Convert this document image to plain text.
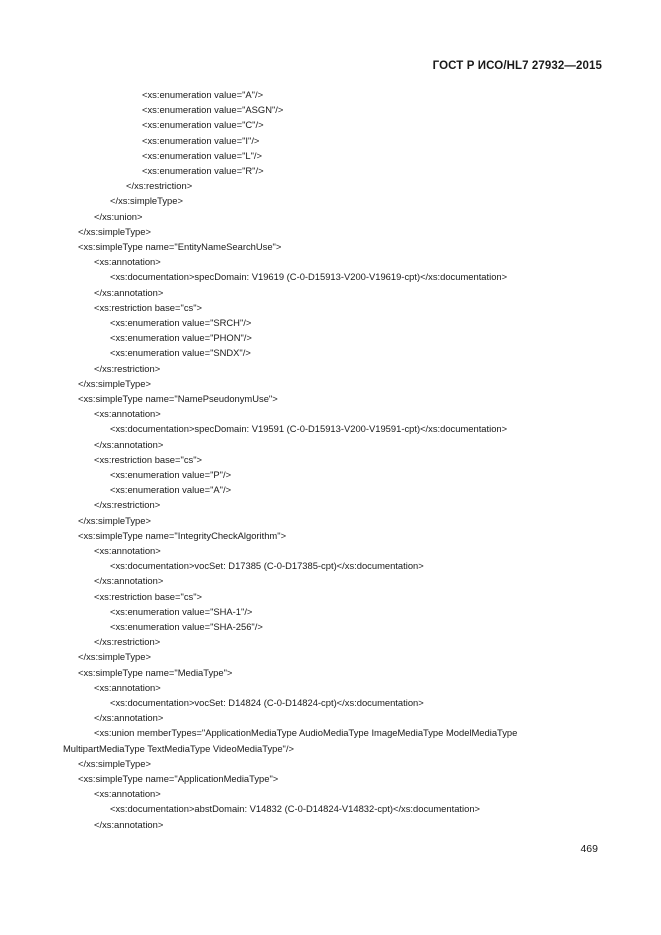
ГОСТ Р ИСО/HL7 27932—2015
<xs:enumeration value="A"/>
<xs:enumeration value="ASGN"/>
<xs:enumeration value="C"/>
<xs:enumeration value="I"/>
<xs:enumeration value="L"/>
<xs:enumeration value="R"/>
</xs:restriction>
</xs:simpleType>
</xs:union>
</xs:simpleType>
<xs:simpleType name="EntityNameSearchUse">
<xs:annotation>
<xs:documentation>specDomain: V19619 (C-0-D15913-V200-V19619-cpt)</xs:documentation>
</xs:annotation>
<xs:restriction base="cs">
<xs:enumeration value="SRCH"/>
<xs:enumeration value="PHON"/>
<xs:enumeration value="SNDX"/>
</xs:restriction>
</xs:simpleType>
<xs:simpleType name="NamePseudonymUse">
<xs:annotation>
<xs:documentation>specDomain: V19591 (C-0-D15913-V200-V19591-cpt)</xs:documentation>
</xs:annotation>
<xs:restriction base="cs">
<xs:enumeration value="P"/>
<xs:enumeration value="A"/>
</xs:restriction>
</xs:simpleType>
<xs:simpleType name="IntegrityCheckAlgorithm">
<xs:annotation>
<xs:documentation>vocSet: D17385 (C-0-D17385-cpt)</xs:documentation>
</xs:annotation>
<xs:restriction base="cs">
<xs:enumeration value="SHA-1"/>
<xs:enumeration value="SHA-256"/>
</xs:restriction>
</xs:simpleType>
<xs:simpleType name="MediaType">
<xs:annotation>
<xs:documentation>vocSet: D14824 (C-0-D14824-cpt)</xs:documentation>
</xs:annotation>
<xs:union memberTypes="ApplicationMediaType AudioMediaType ImageMediaType ModelMediaType
MultipartMediaType TextMediaType VideoMediaType"/>
</xs:simpleType>
<xs:simpleType name="ApplicationMediaType">
<xs:annotation>
<xs:documentation>abstDomain: V14832 (C-0-D14824-V14832-cpt)</xs:documentation>
</xs:annotation>
469
